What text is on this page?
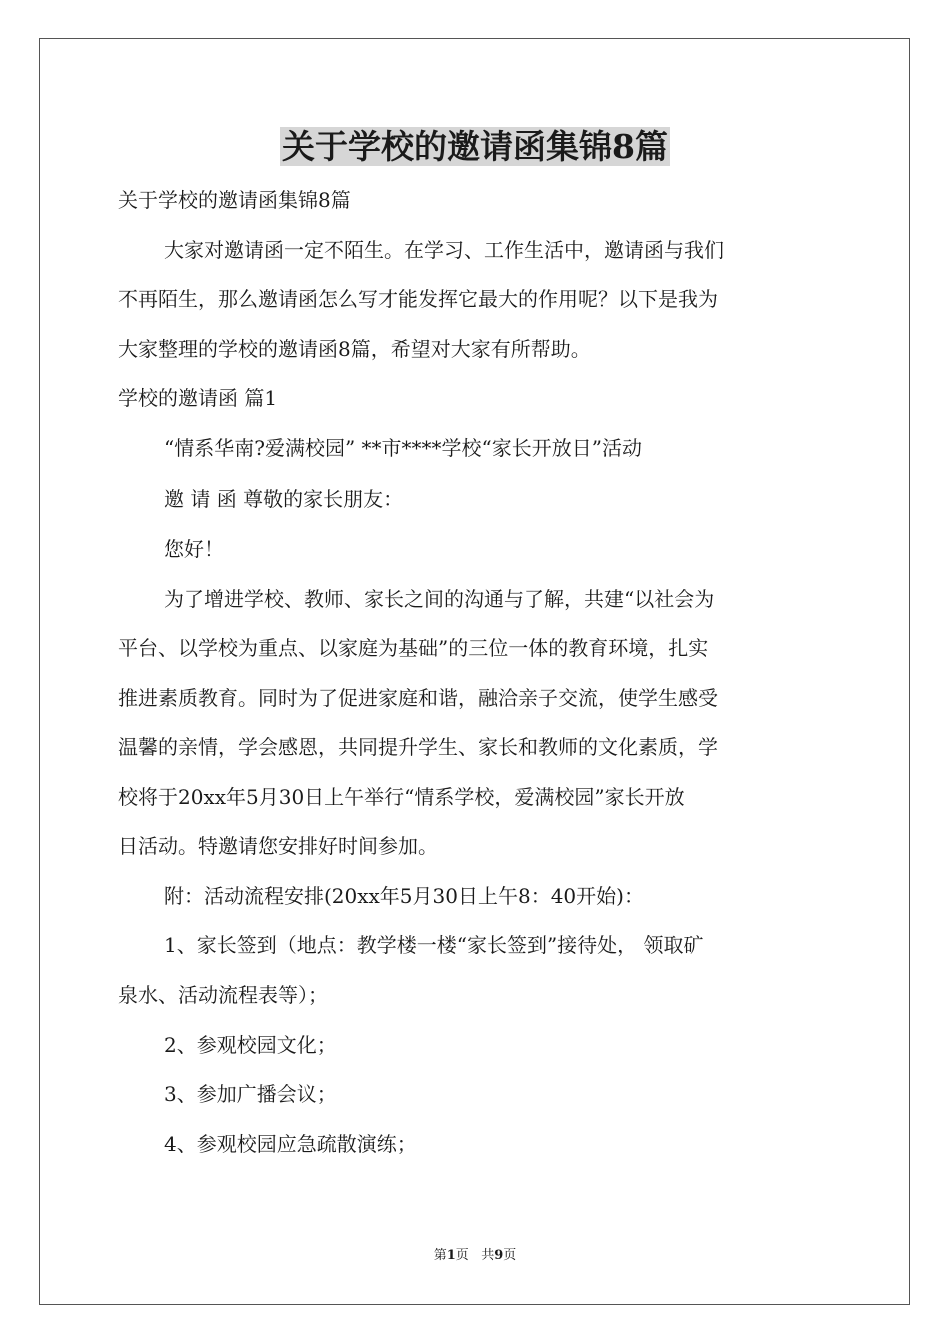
关于学校的邀请函集锦8篇

关于学校的邀请函集锦8篇

大家对邀请函一定不陌生。在学习、工作生活中，邀请函与我们

不再陌生，那么邀请函怎么写才能发挥它最大的作用呢？以下是我为

大家整理的学校的邀请函8篇，希望对大家有所帮助。

学校的邀请函 篇1

“情系华南?爱满校园” **市****学校“家长开放日”活动

邀 请 函 尊敬的家长朋友：

您好！

为了增进学校、教师、家长之间的沟通与了解，共建“以社会为

平台、以学校为重点、以家庭为基础”的三位一体的教育环境，扎实

推进素质教育。同时为了促进家庭和谐，融洽亲子交流，使学生感受

温馨的亲情，学会感恩，共同提升学生、家长和教师的文化素质，学

校将于20xx年5月30日上午举行“情系学校，爱满校园”家长开放

日活动。特邀请您安排好时间参加。

附：活动流程安排(20xx年5月30日上午8：40开始)：

1、家长签到（地点：教学楼一楼“家长签到”接待处， 领取矿

泉水、活动流程表等）；

2、参观校园文化；

3、参加广播会议；

4、参观校园应急疏散演练；

第1页 共9页
